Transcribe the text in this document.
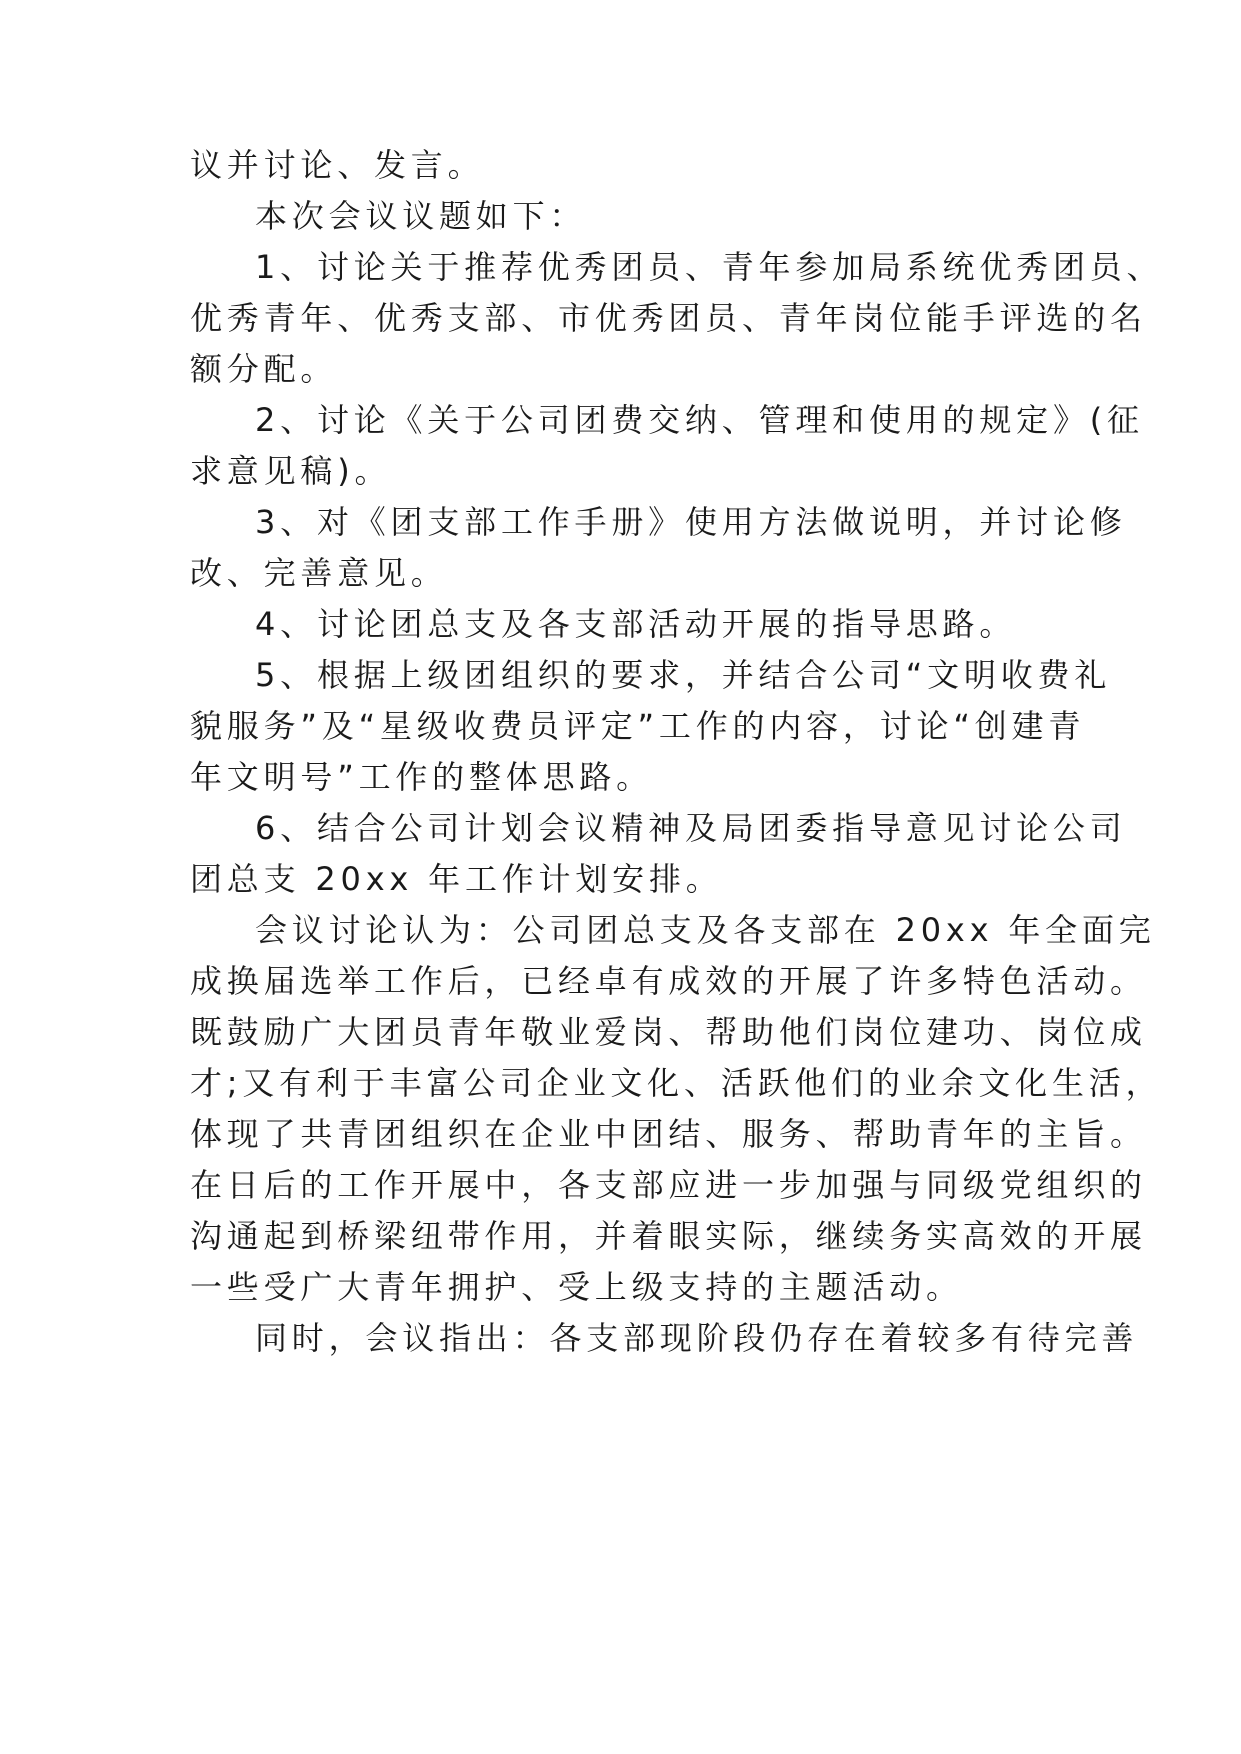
议并讨论、发言。
本次会议议题如下：
1、讨论关于推荐优秀团员、青年参加局系统优秀团员、
优秀青年、优秀支部、市优秀团员、青年岗位能手评选的名
额分配。
2、讨论《关于公司团费交纳、管理和使用的规定》(征
求意见稿)。
3、对《团支部工作手册》使用方法做说明，并讨论修
改、完善意见。
4、讨论团总支及各支部活动开展的指导思路。
5、根据上级团组织的要求，并结合公司“文明收费礼
貌服务”及“星级收费员评定”工作的内容，讨论“创建青
年文明号”工作的整体思路。
6、结合公司计划会议精神及局团委指导意见讨论公司
团总支 20xx 年工作计划安排。
会议讨论认为：公司团总支及各支部在 20xx 年全面完
成换届选举工作后，已经卓有成效的开展了许多特色活动。
既鼓励广大团员青年敬业爱岗、帮助他们岗位建功、岗位成
才;又有利于丰富公司企业文化、活跃他们的业余文化生活，
体现了共青团组织在企业中团结、服务、帮助青年的主旨。
在日后的工作开展中，各支部应进一步加强与同级党组织的
沟通起到桥梁纽带作用，并着眼实际，继续务实高效的开展
一些受广大青年拥护、受上级支持的主题活动。
同时，会议指出：各支部现阶段仍存在着较多有待完善
